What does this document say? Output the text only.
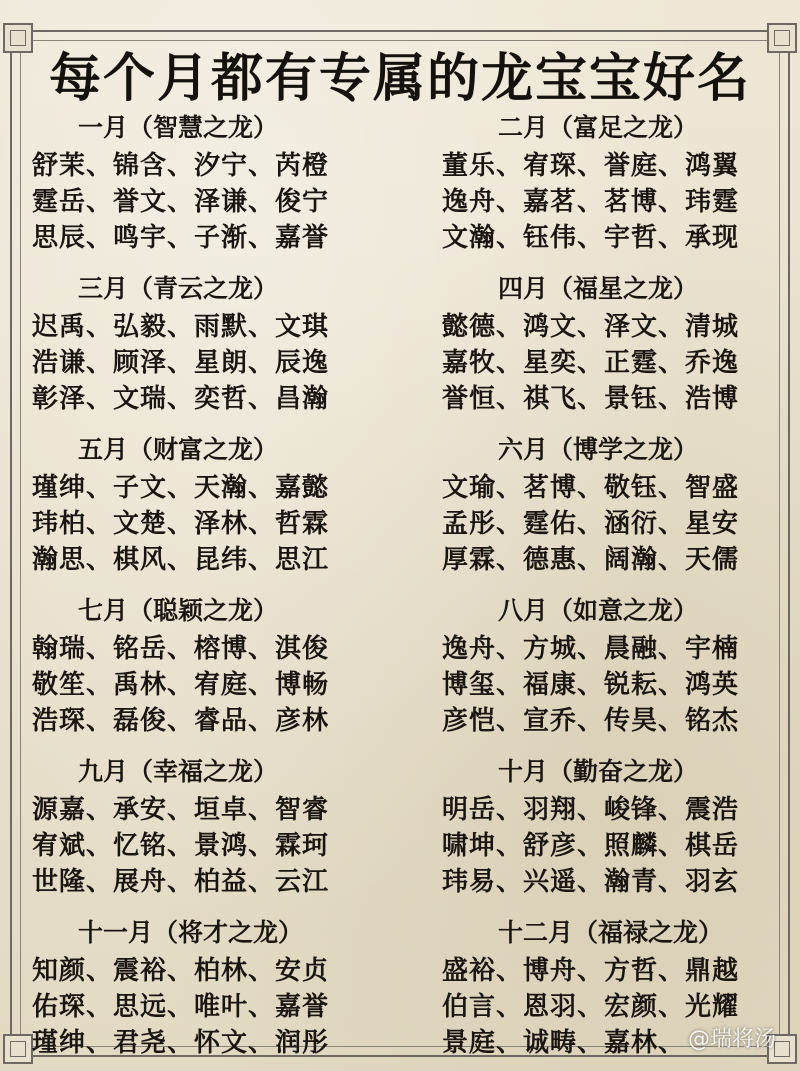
每个月都有专属的龙宝宝好名
一月（智慧之龙）
舒茉、锦含、汐宁、芮橙
霆岳、誉文、泽谦、俊宁
思辰、鸣宇、子渐、嘉誉
二月（富足之龙）
董乐、宥琛、誉庭、鸿翼
逸舟、嘉茗、茗博、玮霆
文瀚、钰伟、宇哲、承现
三月（青云之龙）
迟禹、弘毅、雨默、文琪
浩谦、顾泽、星朗、辰逸
彰泽、文瑞、奕哲、昌瀚
四月（福星之龙）
懿德、鸿文、泽文、清城
嘉牧、星奕、正霆、乔逸
誉恒、祺飞、景钰、浩博
五月（财富之龙）
瑾绅、子文、天瀚、嘉懿
玮柏、文楚、泽林、哲霖
瀚思、棋风、昆纬、思江
六月（博学之龙）
文瑜、茗博、敬钰、智盛
孟彤、霆佑、涵衍、星安
厚霖、德惠、阔瀚、天儒
七月（聪颖之龙）
翰瑞、铭岳、榕博、淇俊
敬笙、禹林、宥庭、博畅
浩琛、磊俊、睿品、彦林
八月（如意之龙）
逸舟、方城、晨融、宇楠
博玺、福康、锐耘、鸿英
彦恺、宣乔、传昊、铭杰
九月（幸福之龙）
源嘉、承安、垣卓、智睿
宥斌、忆铭、景鸿、霖珂
世隆、展舟、柏益、云江
十月（勤奋之龙）
明岳、羽翔、峻锋、震浩
啸坤、舒彦、照麟、棋岳
玮易、兴遥、瀚青、羽玄
十一月（将才之龙）
知颜、震裕、柏林、安贞
佑琛、思远、唯叶、嘉誉
瑾绅、君尧、怀文、润彤
十二月（福禄之龙）
盛裕、博舟、方哲、鼎越
伯言、恩羽、宏颜、光耀
景庭、诚畴、嘉林、 @瑞将汤
